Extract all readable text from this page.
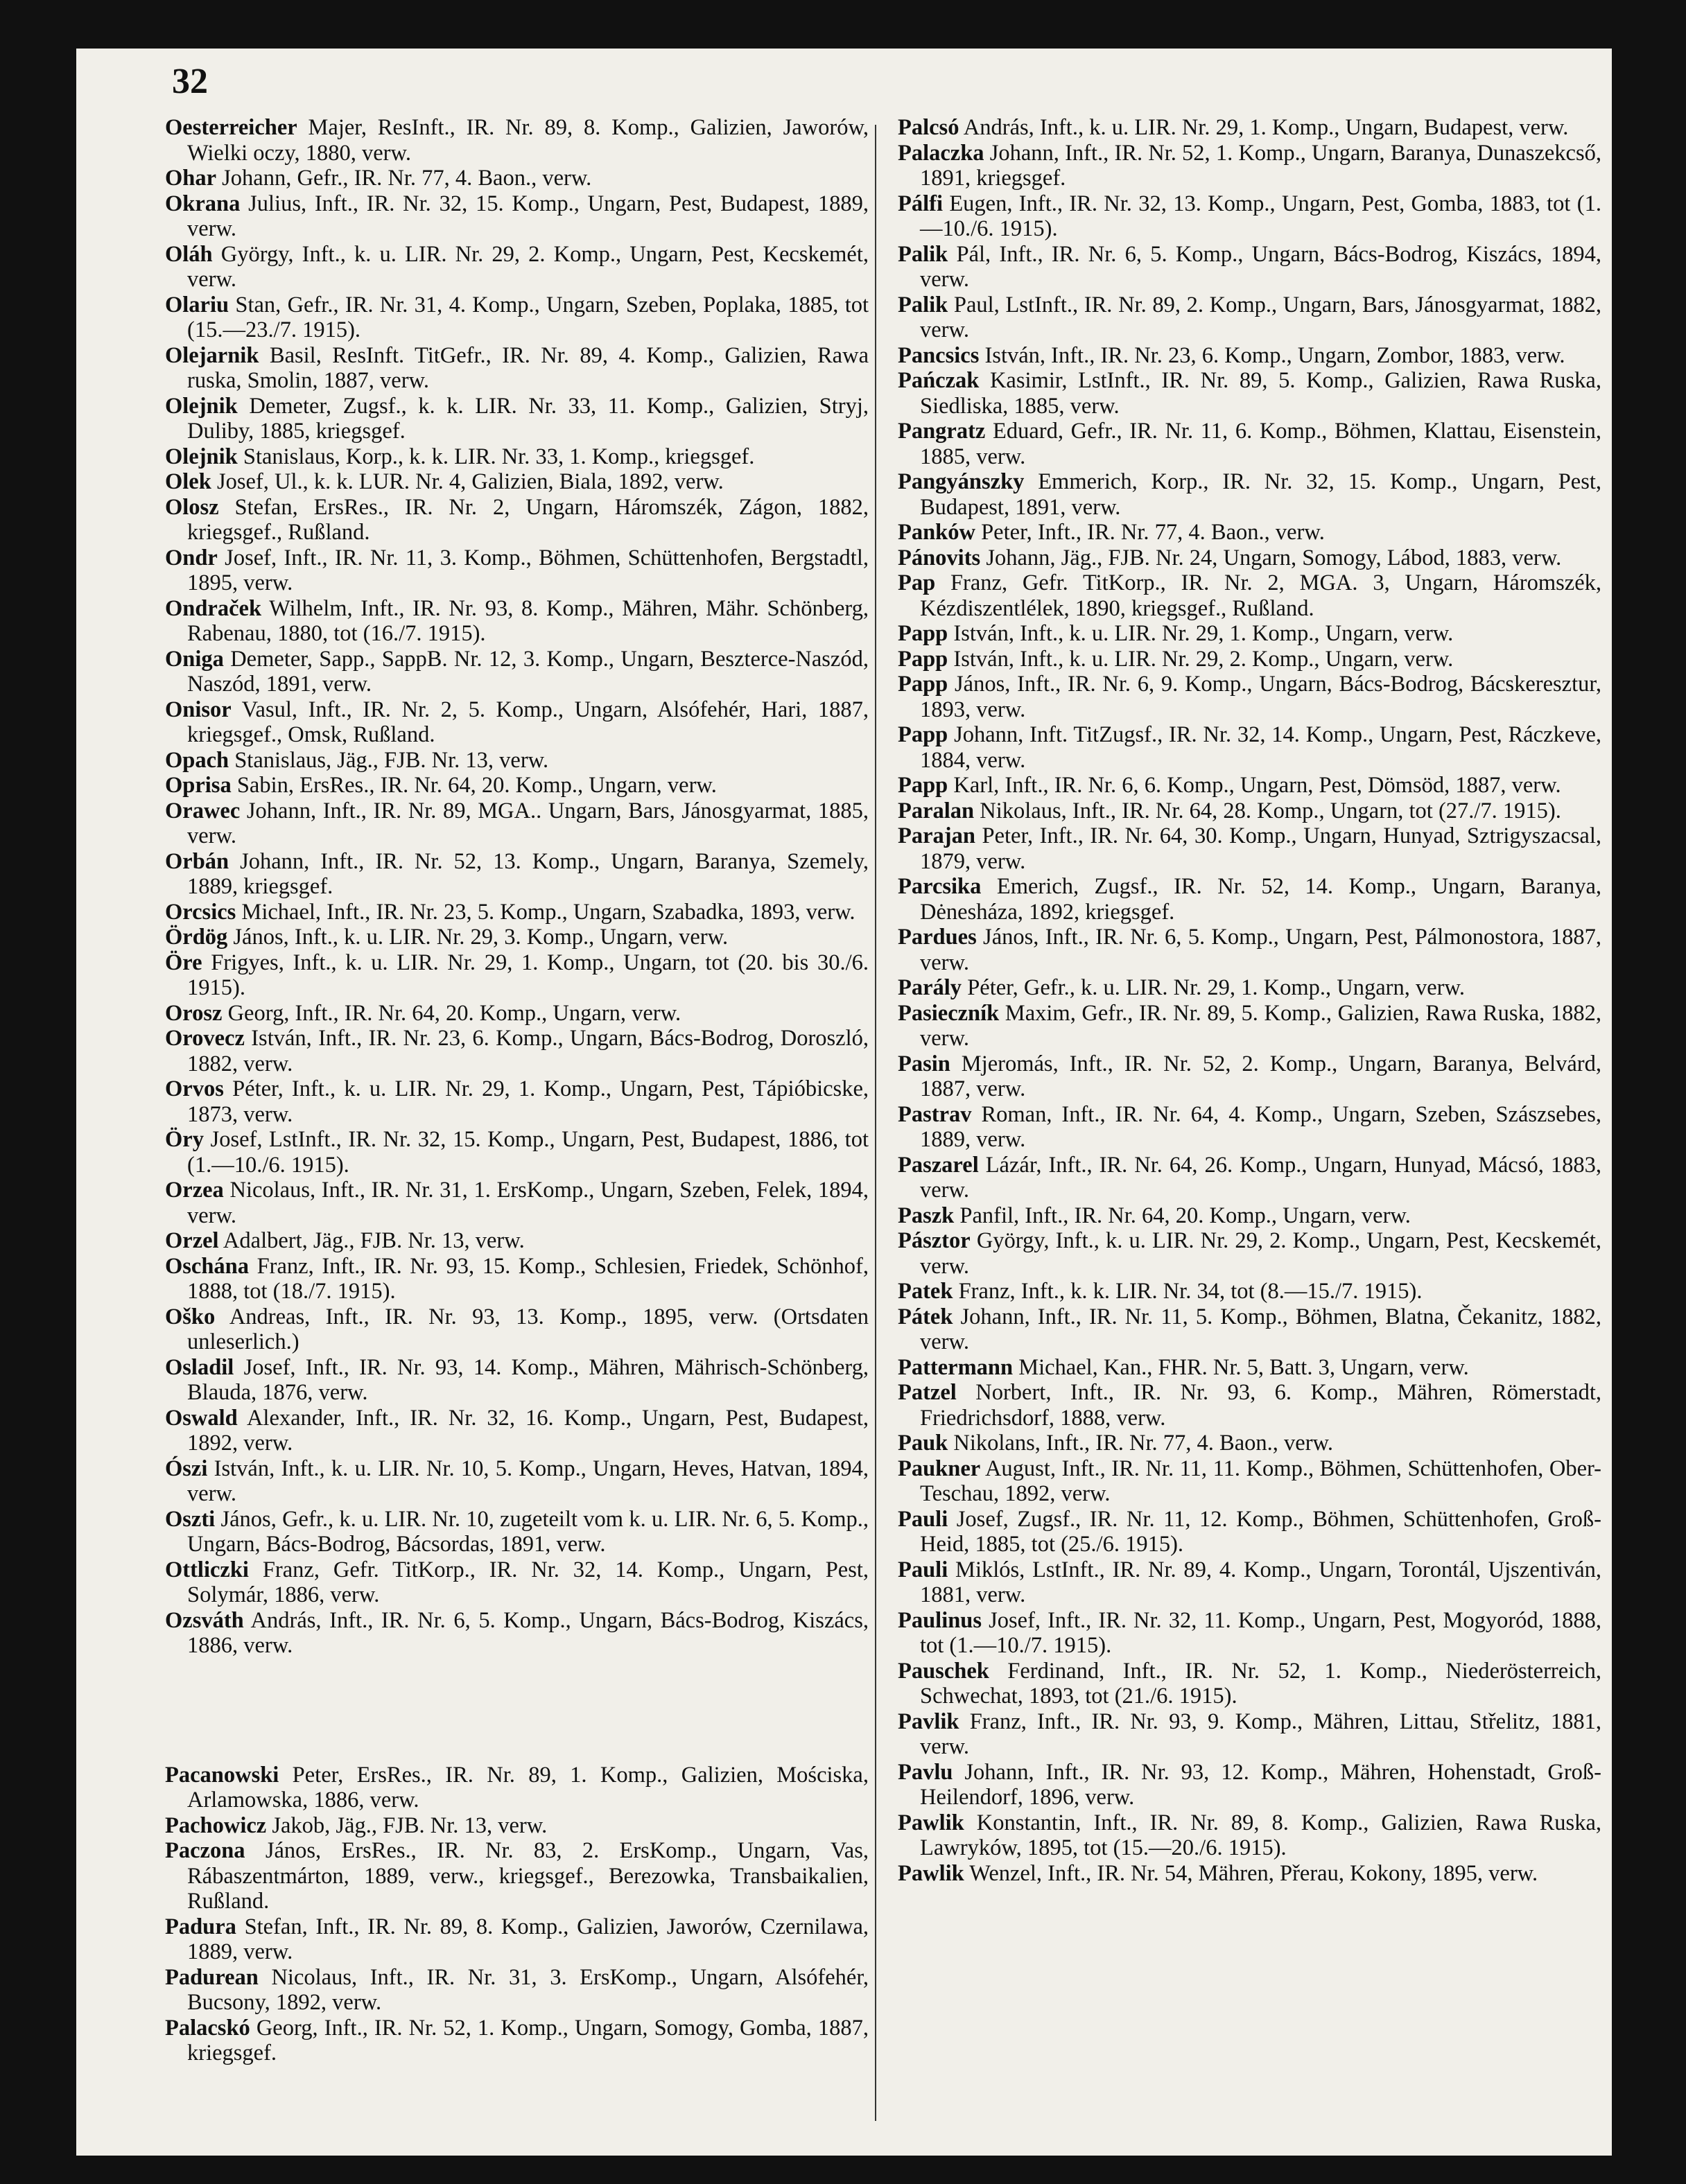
32

Oesterreicher Majer, ResInft., IR. Nr. 89, 8. Komp., Galizien, Jaworów, Wielki oczy, 1880, verw.

Ohar Johann, Gefr., IR. Nr. 77, 4. Baon., verw.

Okrana Julius, Inft., IR. Nr. 32, 15. Komp., Ungarn, Pest, Budapest, 1889, verw.

Oláh György, Inft., k. u. LIR. Nr. 29, 2. Komp., Ungarn, Pest, Kecskemét, verw.

Olariu Stan, Gefr., IR. Nr. 31, 4. Komp., Ungarn, Szeben, Poplaka, 1885, tot (15.—23./7. 1915).

Olejarnik Basil, ResInft. TitGefr., IR. Nr. 89, 4. Komp., Galizien, Rawa ruska, Smolin, 1887, verw.

Olejnik Demeter, Zugsf., k. k. LIR. Nr. 33, 11. Komp., Galizien, Stryj, Duliby, 1885, kriegsgef.

Olejnik Stanislaus, Korp., k. k. LIR. Nr. 33, 1. Komp., kriegsgef.

Olek Josef, Ul., k. k. LUR. Nr. 4, Galizien, Biala, 1892, verw.

Olosz Stefan, ErsRes., IR. Nr. 2, Ungarn, Háromszék, Zágon, 1882, kriegsgef., Rußland.

Ondr Josef, Inft., IR. Nr. 11, 3. Komp., Böhmen, Schüttenhofen, Bergstadtl, 1895, verw.

Ondraček Wilhelm, Inft., IR. Nr. 93, 8. Komp., Mähren, Mähr. Schönberg, Rabenau, 1880, tot (16./7. 1915).

Oniga Demeter, Sapp., SappB. Nr. 12, 3. Komp., Ungarn, Beszterce-Naszód, Naszód, 1891, verw.

Onisor Vasul, Inft., IR. Nr. 2, 5. Komp., Ungarn, Alsófehér, Hari, 1887, kriegsgef., Omsk, Rußland.

Opach Stanislaus, Jäg., FJB. Nr. 13, verw.

Oprisa Sabin, ErsRes., IR. Nr. 64, 20. Komp., Ungarn, verw.

Orawec Johann, Inft., IR. Nr. 89, MGA.. Ungarn, Bars, Jánosgyarmat, 1885, verw.

Orbán Johann, Inft., IR. Nr. 52, 13. Komp., Ungarn, Baranya, Szemely, 1889, kriegsgef.

Orcsics Michael, Inft., IR. Nr. 23, 5. Komp., Ungarn, Szabadka, 1893, verw.

Ördög János, Inft., k. u. LIR. Nr. 29, 3. Komp., Ungarn, verw.

Öre Frigyes, Inft., k. u. LIR. Nr. 29, 1. Komp., Ungarn, tot (20. bis 30./6. 1915).

Orosz Georg, Inft., IR. Nr. 64, 20. Komp., Ungarn, verw.

Orovecz István, Inft., IR. Nr. 23, 6. Komp., Ungarn, Bács-Bodrog, Doroszló, 1882, verw.

Orvos Péter, Inft., k. u. LIR. Nr. 29, 1. Komp., Ungarn, Pest, Tápióbicske, 1873, verw.

Öry Josef, LstInft., IR. Nr. 32, 15. Komp., Ungarn, Pest, Budapest, 1886, tot (1.—10./6. 1915).

Orzea Nicolaus, Inft., IR. Nr. 31, 1. ErsKomp., Ungarn, Szeben, Felek, 1894, verw.

Orzel Adalbert, Jäg., FJB. Nr. 13, verw.

Oschána Franz, Inft., IR. Nr. 93, 15. Komp., Schlesien, Friedek, Schönhof, 1888, tot (18./7. 1915).

Oško Andreas, Inft., IR. Nr. 93, 13. Komp., 1895, verw. (Ortsdaten unleserlich.)

Osladil Josef, Inft., IR. Nr. 93, 14. Komp., Mähren, Mährisch-Schönberg, Blauda, 1876, verw.

Oswald Alexander, Inft., IR. Nr. 32, 16. Komp., Ungarn, Pest, Budapest, 1892, verw.

Ószi István, Inft., k. u. LIR. Nr. 10, 5. Komp., Ungarn, Heves, Hatvan, 1894, verw.

Oszti János, Gefr., k. u. LIR. Nr. 10, zugeteilt vom k. u. LIR. Nr. 6, 5. Komp., Ungarn, Bács-Bodrog, Bácsordas, 1891, verw.

Ottliczki Franz, Gefr. TitKorp., IR. Nr. 32, 14. Komp., Ungarn, Pest, Solymár, 1886, verw.

Ozsváth András, Inft., IR. Nr. 6, 5. Komp., Ungarn, Bács-Bodrog, Kiszács, 1886, verw.

Pacanowski Peter, ErsRes., IR. Nr. 89, 1. Komp., Galizien, Mościska, Arlamowska, 1886, verw.

Pachowicz Jakob, Jäg., FJB. Nr. 13, verw.

Paczona János, ErsRes., IR. Nr. 83, 2. ErsKomp., Ungarn, Vas, Rábaszentmárton, 1889, verw., kriegsgef., Berezowka, Transbaikalien, Rußland.

Padura Stefan, Inft., IR. Nr. 89, 8. Komp., Galizien, Jaworów, Czernilawa, 1889, verw.

Padurean Nicolaus, Inft., IR. Nr. 31, 3. ErsKomp., Ungarn, Alsófehér, Bucsony, 1892, verw.

Palacskó Georg, Inft., IR. Nr. 52, 1. Komp., Ungarn, Somogy, Gomba, 1887, kriegsgef.

Palcsó András, Inft., k. u. LIR. Nr. 29, 1. Komp., Ungarn, Budapest, verw.

Palaczka Johann, Inft., IR. Nr. 52, 1. Komp., Ungarn, Baranya, Dunaszekcső, 1891, kriegsgef.

Pálfi Eugen, Inft., IR. Nr. 32, 13. Komp., Ungarn, Pest, Gomba, 1883, tot (1.—10./6. 1915).

Palik Pál, Inft., IR. Nr. 6, 5. Komp., Ungarn, Bács-Bodrog, Kiszács, 1894, verw.

Palik Paul, LstInft., IR. Nr. 89, 2. Komp., Ungarn, Bars, Jánosgyarmat, 1882, verw.

Pancsics István, Inft., IR. Nr. 23, 6. Komp., Ungarn, Zombor, 1883, verw.

Pańczak Kasimir, LstInft., IR. Nr. 89, 5. Komp., Galizien, Rawa Ruska, Siedliska, 1885, verw.

Pangratz Eduard, Gefr., IR. Nr. 11, 6. Komp., Böhmen, Klattau, Eisenstein, 1885, verw.

Pangyánszky Emmerich, Korp., IR. Nr. 32, 15. Komp., Ungarn, Pest, Budapest, 1891, verw.

Panków Peter, Inft., IR. Nr. 77, 4. Baon., verw.

Pánovits Johann, Jäg., FJB. Nr. 24, Ungarn, Somogy, Lábod, 1883, verw.

Pap Franz, Gefr. TitKorp., IR. Nr. 2, MGA. 3, Ungarn, Háromszék, Kézdiszentlélek, 1890, kriegsgef., Rußland.

Papp István, Inft., k. u. LIR. Nr. 29, 1. Komp., Ungarn, verw.

Papp István, Inft., k. u. LIR. Nr. 29, 2. Komp., Ungarn, verw.

Papp János, Inft., IR. Nr. 6, 9. Komp., Ungarn, Bács-Bodrog, Bácskeresztur, 1893, verw.

Papp Johann, Inft. TitZugsf., IR. Nr. 32, 14. Komp., Ungarn, Pest, Ráczkeve, 1884, verw.

Papp Karl, Inft., IR. Nr. 6, 6. Komp., Ungarn, Pest, Dömsöd, 1887, verw.

Paralan Nikolaus, Inft., IR. Nr. 64, 28. Komp., Ungarn, tot (27./7. 1915).

Parajan Peter, Inft., IR. Nr. 64, 30. Komp., Ungarn, Hunyad, Sztrigyszacsal, 1879, verw.

Parcsika Emerich, Zugsf., IR. Nr. 52, 14. Komp., Ungarn, Baranya, Dėnesháza, 1892, kriegsgef.

Pardues János, Inft., IR. Nr. 6, 5. Komp., Ungarn, Pest, Pálmonostora, 1887, verw.

Parály Péter, Gefr., k. u. LIR. Nr. 29, 1. Komp., Ungarn, verw.

Pasieczník Maxim, Gefr., IR. Nr. 89, 5. Komp., Galizien, Rawa Ruska, 1882, verw.

Pasin Mjeromás, Inft., IR. Nr. 52, 2. Komp., Ungarn, Baranya, Belvárd, 1887, verw.

Pastrav Roman, Inft., IR. Nr. 64, 4. Komp., Ungarn, Szeben, Szászsebes, 1889, verw.

Paszarel Lázár, Inft., IR. Nr. 64, 26. Komp., Ungarn, Hunyad, Mácsó, 1883, verw.

Paszk Panfil, Inft., IR. Nr. 64, 20. Komp., Ungarn, verw.

Pásztor György, Inft., k. u. LIR. Nr. 29, 2. Komp., Ungarn, Pest, Kecskemét, verw.

Patek Franz, Inft., k. k. LIR. Nr. 34, tot (8.—15./7. 1915).

Pátek Johann, Inft., IR. Nr. 11, 5. Komp., Böhmen, Blatna, Čekanitz, 1882, verw.

Pattermann Michael, Kan., FHR. Nr. 5, Batt. 3, Ungarn, verw.

Patzel Norbert, Inft., IR. Nr. 93, 6. Komp., Mähren, Römerstadt, Friedrichsdorf, 1888, verw.

Pauk Nikolans, Inft., IR. Nr. 77, 4. Baon., verw.

Paukner August, Inft., IR. Nr. 11, 11. Komp., Böhmen, Schüttenhofen, Ober-Teschau, 1892, verw.

Pauli Josef, Zugsf., IR. Nr. 11, 12. Komp., Böhmen, Schüttenhofen, Groß-Heid, 1885, tot (25./6. 1915).

Pauli Miklós, LstInft., IR. Nr. 89, 4. Komp., Ungarn, Torontál, Ujszentiván, 1881, verw.

Paulinus Josef, Inft., IR. Nr. 32, 11. Komp., Ungarn, Pest, Mogyoród, 1888, tot (1.—10./7. 1915).

Pauschek Ferdinand, Inft., IR. Nr. 52, 1. Komp., Niederösterreich, Schwechat, 1893, tot (21./6. 1915).

Pavlik Franz, Inft., IR. Nr. 93, 9. Komp., Mähren, Littau, Střelitz, 1881, verw.

Pavlu Johann, Inft., IR. Nr. 93, 12. Komp., Mähren, Hohenstadt, Groß-Heilendorf, 1896, verw.

Pawlik Konstantin, Inft., IR. Nr. 89, 8. Komp., Galizien, Rawa Ruska, Lawryków, 1895, tot (15.—20./6. 1915).

Pawlik Wenzel, Inft., IR. Nr. 54, Mähren, Přerau, Kokony, 1895, verw.
